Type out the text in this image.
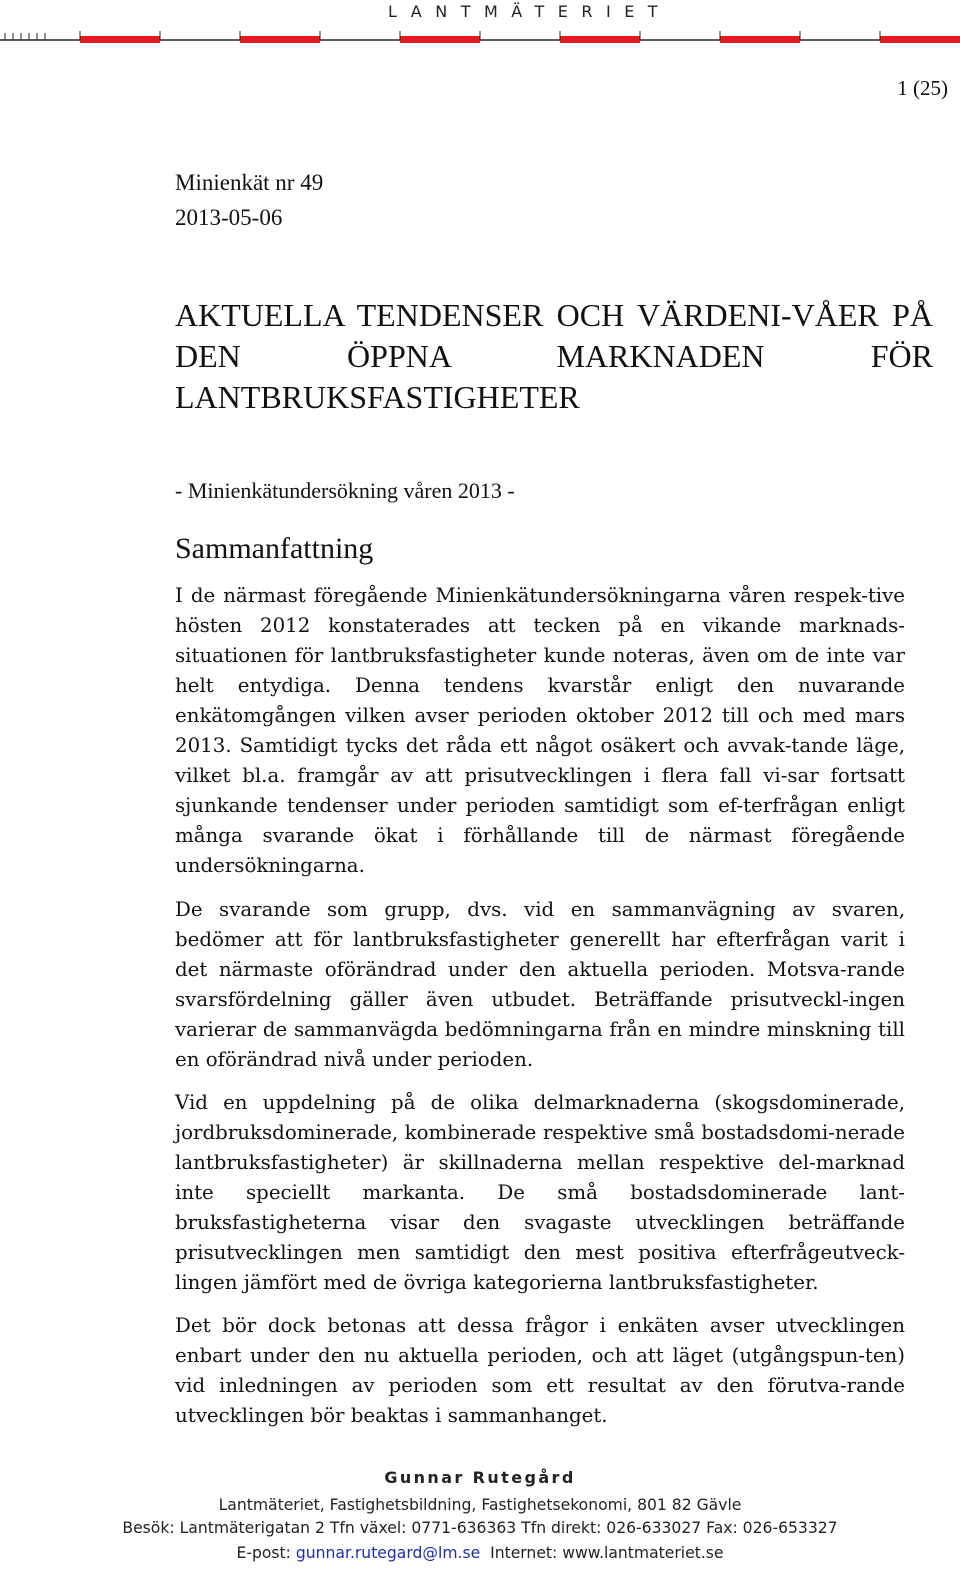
LANTMÄTERIET
1 (25)
Minienkät nr 49
2013-05-06
AKTUELLA TENDENSER OCH VÄRDENI-VÅER PÅ DEN ÖPPNA MARKNADEN FÖR LANTBRUKSFASTIGHETER
- Minienkätundersökning våren 2013 -
Sammanfattning

I de närmast föregående Minienkätundersökningarna våren respek-tive hösten 2012 konstaterades att tecken på en vikande marknads-situationen för lantbruksfastigheter kunde noteras, även om de inte var helt entydiga. Denna tendens kvarstår enligt den nuvarande enkätomgången vilken avser perioden oktober 2012 till och med mars 2013. Samtidigt tycks det råda ett något osäkert och avvak-tande läge, vilket bl.a. framgår av att prisutvecklingen i flera fall vi-sar fortsatt sjunkande tendenser under perioden samtidigt som ef-terfrågan enligt många svarande ökat i förhållande till de närmast föregående undersökningarna.

De svarande som grupp, dvs. vid en sammanvägning av svaren, bedömer att för lantbruksfastigheter generellt har efterfrågan varit i det närmaste oförändrad under den aktuella perioden. Motsva-rande svarsfördelning gäller även utbudet. Beträffande prisutveckl-ingen varierar de sammanvägda bedömningarna från en mindre minskning till en oförändrad nivå under perioden.

Vid en uppdelning på de olika delmarknaderna (skogsdominerade, jordbruksdominerade, kombinerade respektive små bostadsdomi-nerade lantbruksfastigheter) är skillnaderna mellan respektive del-marknad inte speciellt markanta. De små bostadsdominerade lant-bruksfastigheterna visar den svagaste utvecklingen beträffande prisutvecklingen men samtidigt den mest positiva efterfrågeutveck-lingen jämfört med de övriga kategorierna lantbruksfastigheter.

Det bör dock betonas att dessa frågor i enkäten avser utvecklingen enbart under den nu aktuella perioden, och att läget (utgångspun-ten) vid inledningen av perioden som ett resultat av den förutva-rande utvecklingen bör beaktas i sammanhanget.

Gunnar Rutegård
Lantmäteriet, Fastighetsbildning, Fastighetsekonomi, 801 82 Gävle
Besök: Lantmäterigatan 2 Tfn växel: 0771-636363 Tfn direkt: 026-633027 Fax: 026-653327
E-post: gunnar.rutegard@lm.se Internet: www.lantmateriet.se
